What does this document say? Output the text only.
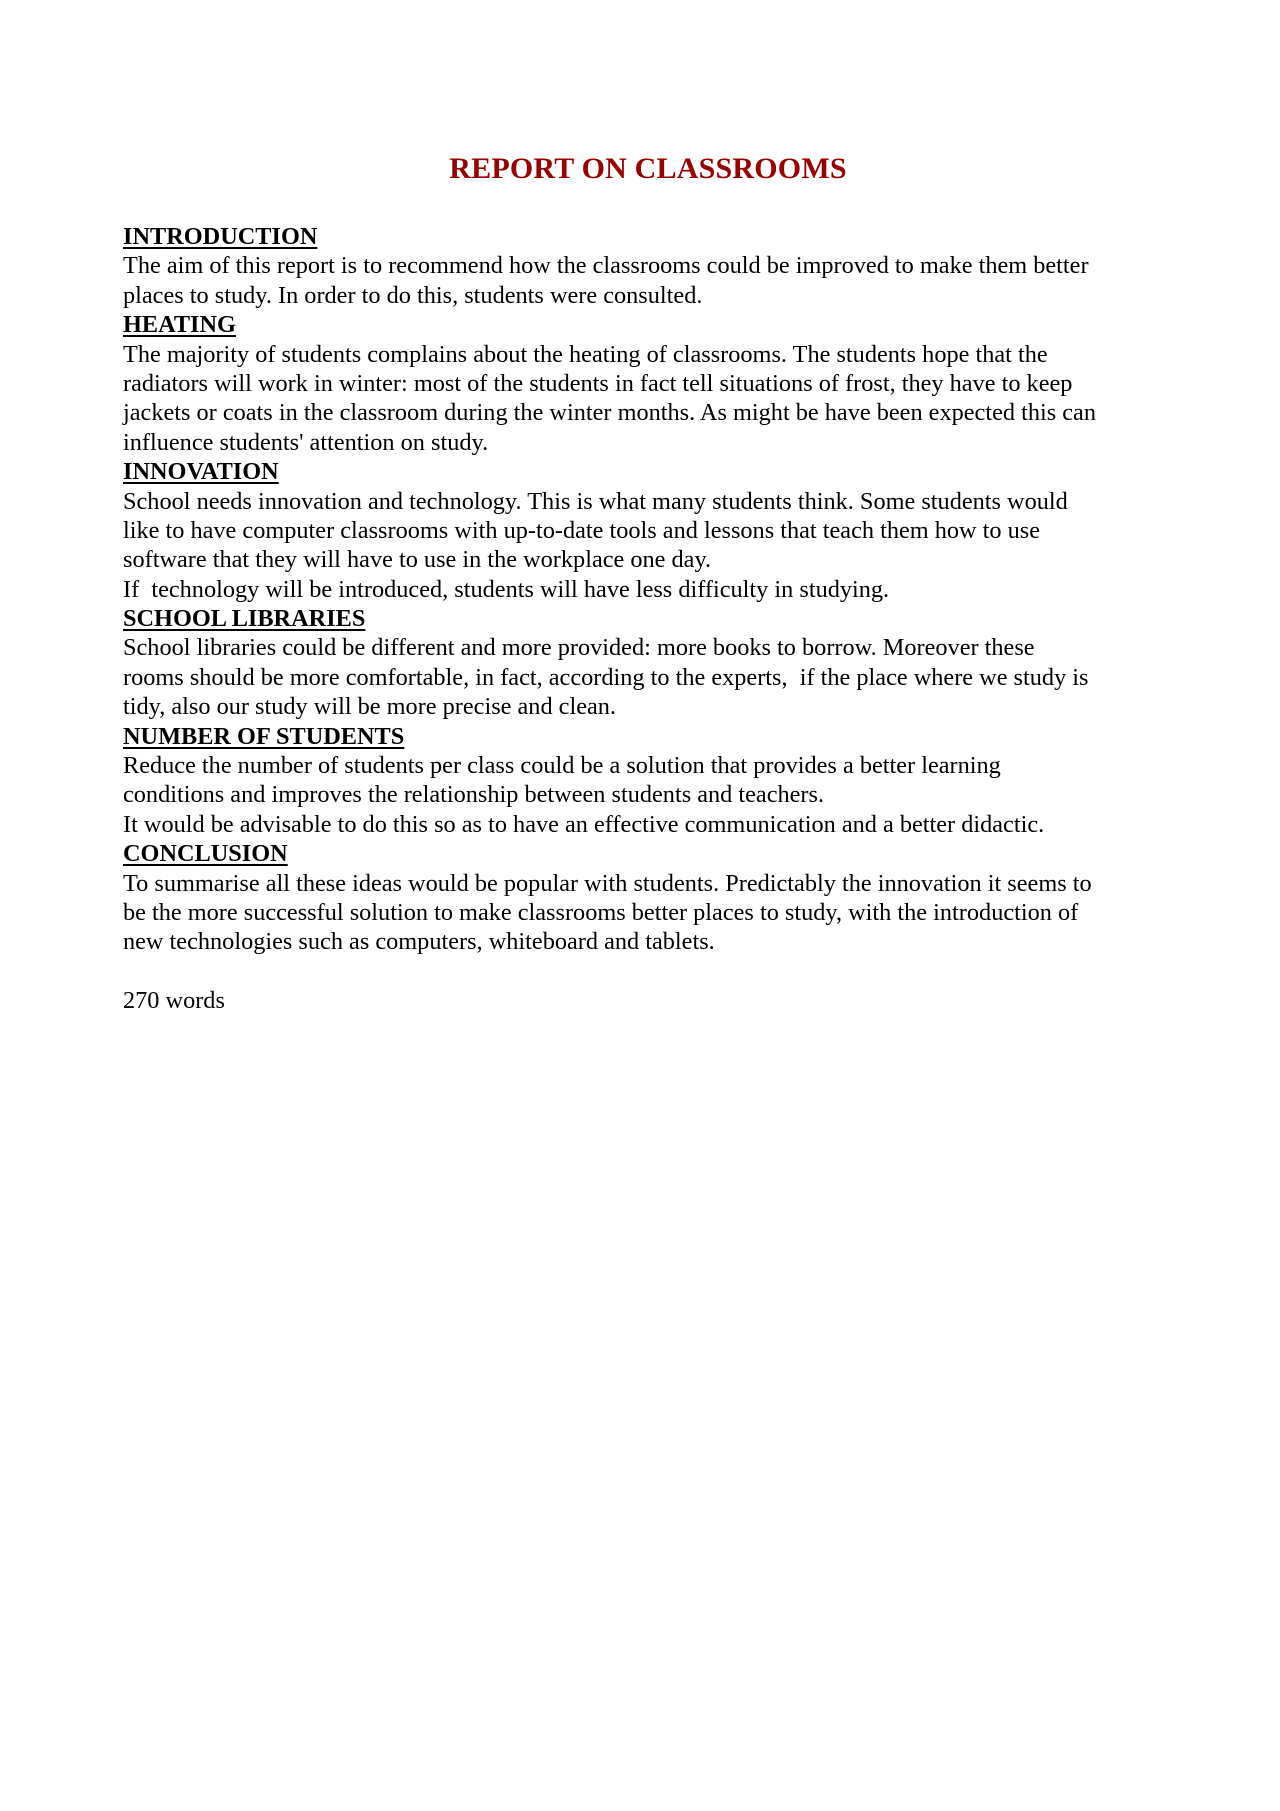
REPORT ON CLASSROOMS
INTRODUCTION
The aim of this report is to recommend how the classrooms could be improved to make them better
places to study. In order to do this, students were consulted.
HEATING
The majority of students complains about the heating of classrooms. The students hope that the
radiators will work in winter: most of the students in fact tell situations of frost, they have to keep
jackets or coats in the classroom during the winter months. As might be have been expected this can
influence students' attention on study.
INNOVATION
School needs innovation and technology. This is what many students think. Some students would
like to have computer classrooms with up-to-date tools and lessons that teach them how to use
software that they will have to use in the workplace one day.
If  technology will be introduced, students will have less difficulty in studying.
SCHOOL LIBRARIES
School libraries could be different and more provided: more books to borrow. Moreover these
rooms should be more comfortable, in fact, according to the experts,  if the place where we study is
tidy, also our study will be more precise and clean.
NUMBER OF STUDENTS
Reduce the number of students per class could be a solution that provides a better learning
conditions and improves the relationship between students and teachers.
It would be advisable to do this so as to have an effective communication and a better didactic.
CONCLUSION
To summarise all these ideas would be popular with students. Predictably the innovation it seems to
be the more successful solution to make classrooms better places to study, with the introduction of
new technologies such as computers, whiteboard and tablets.
270 words
